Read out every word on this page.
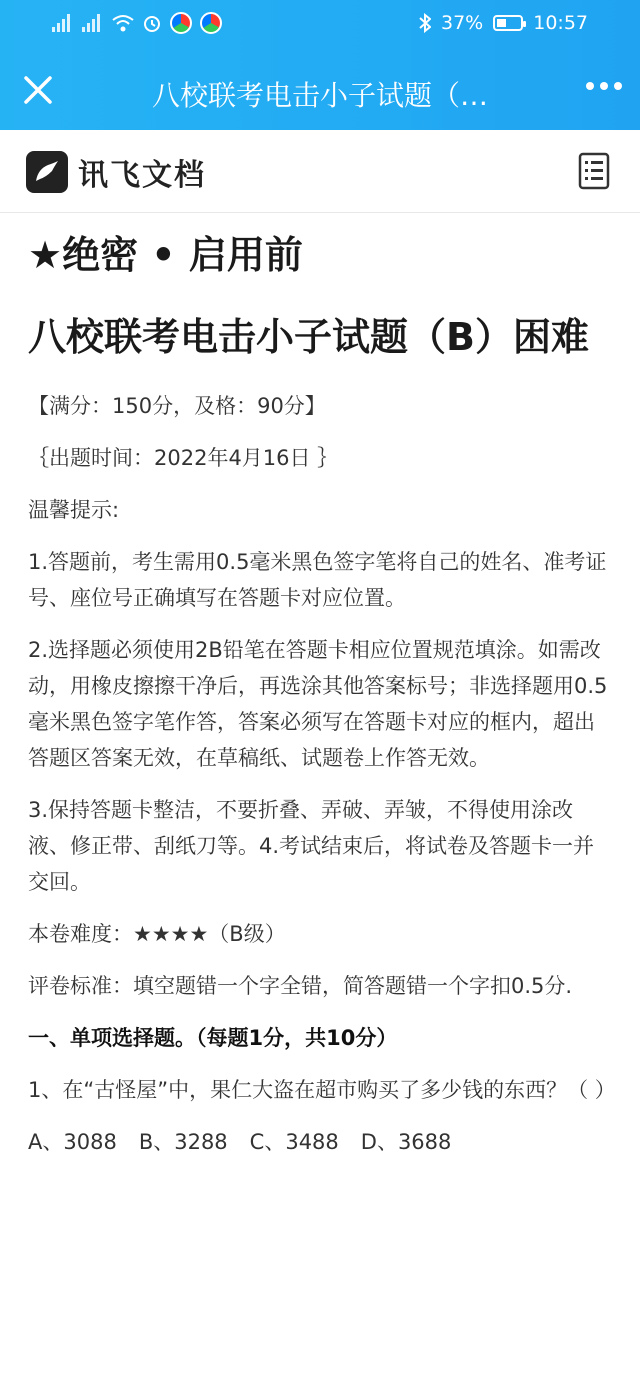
37%	10:57
八校联考电击小子试题（…
讯飞文档

★绝密 • 启用前

八校联考电击小子试题（B）困难

【满分：150分，及格：90分】

｛出题时间：2022年4月16日 ｝

温馨提示:

1.答题前，考生需用0.5毫米黑色签字笔将自己的姓名、准考证号、座位号正确填写在答题卡对应位置。

2.选择题必须使用2B铅笔在答题卡相应位置规范填涂。如需改动，用橡皮擦擦干净后，再选涂其他答案标号；非选择题用0.5毫米黑色签字笔作答，答案必须写在答题卡对应的框内，超出答题区答案无效，在草稿纸、试题卷上作答无效。

3.保持答题卡整洁，不要折叠、弄破、弄皱，不得使用涂改液、修正带、刮纸刀等。4.考试结束后，将试卷及答题卡一并交回。

本卷难度：★★★★（B级）

评卷标准：填空题错一个字全错，简答题错一个字扣0.5分.

一、单项选择题。（每题1分，共10分）

1、在“古怪屋”中，果仁大盗在超市购买了多少钱的东西？（ ）

A、3088 B、3288 C、3488 D、3688
